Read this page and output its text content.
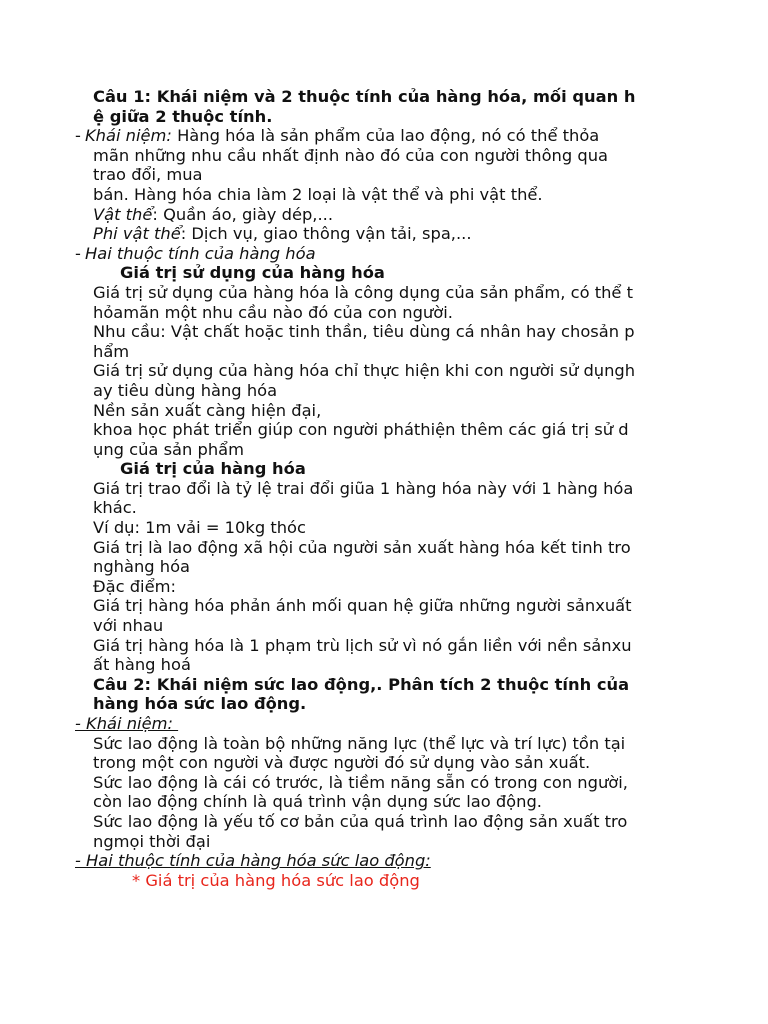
Câu 1: Khái niệm và 2 thuộc tính của hàng hóa, mối quan h
ệ giữa 2 thuộc tính.
- Khái niệm: Hàng hóa là sản phẩm của lao động, nó có thể thỏa
mãn những nhu cầu nhất định nào đó của con người thông qua
trao đổi, mua
bán. Hàng hóa chia làm 2 loại là vật thể và phi vật thể.
Vật thể: Quần áo, giày dép,...
Phi vật thể: Dịch vụ, giao thông vận tải, spa,...
- Hai thuộc tính của hàng hóa
Giá trị sử dụng của hàng hóa
Giá trị sử dụng của hàng hóa là công dụng của sản phẩm, có thể t
hỏamãn một nhu cầu nào đó của con người.
Nhu cầu: Vật chất hoặc tinh thần, tiêu dùng cá nhân hay chosản p
hẩm
Giá trị sử dụng của hàng hóa chỉ thực hiện khi con người sử dụngh
ay tiêu dùng hàng hóa
Nền sản xuất càng hiện đại,
khoa học phát triển giúp con người pháthiện thêm các giá trị sử d
ụng của sản phẩm
Giá trị của hàng hóa
Giá trị trao đổi là tỷ lệ trai đổi giũa 1 hàng hóa này với 1 hàng hóa
khác.
Ví dụ: 1m vải = 10kg thóc
Giá trị là lao động xã hội của người sản xuất hàng hóa kết tinh tro
nghàng hóa
Đặc điểm:
Giá trị hàng hóa phản ánh mối quan hệ giữa những người sảnxuất
với nhau
Giá trị hàng hóa là 1 phạm trù lịch sử vì nó gắn liền với nền sảnxu
ất hàng hoá
Câu 2: Khái niệm sức lao động,. Phân tích 2 thuộc tính của
hàng hóa sức lao động.
- Khái niệm:
Sức lao động là toàn bộ những năng lực (thể lực và trí lực) tồn tại
trong một con người và được người đó sử dụng vào sản xuất.
Sức lao động là cái có trước, là tiềm năng sẵn có trong con người,
còn lao động chính là quá trình vận dụng sức lao động.
Sức lao động là yếu tố cơ bản của quá trình lao động sản xuất tro
ngmọi thời đại
- Hai thuộc tính của hàng hóa sức lao động:
* Giá trị của hàng hóa sức lao động
